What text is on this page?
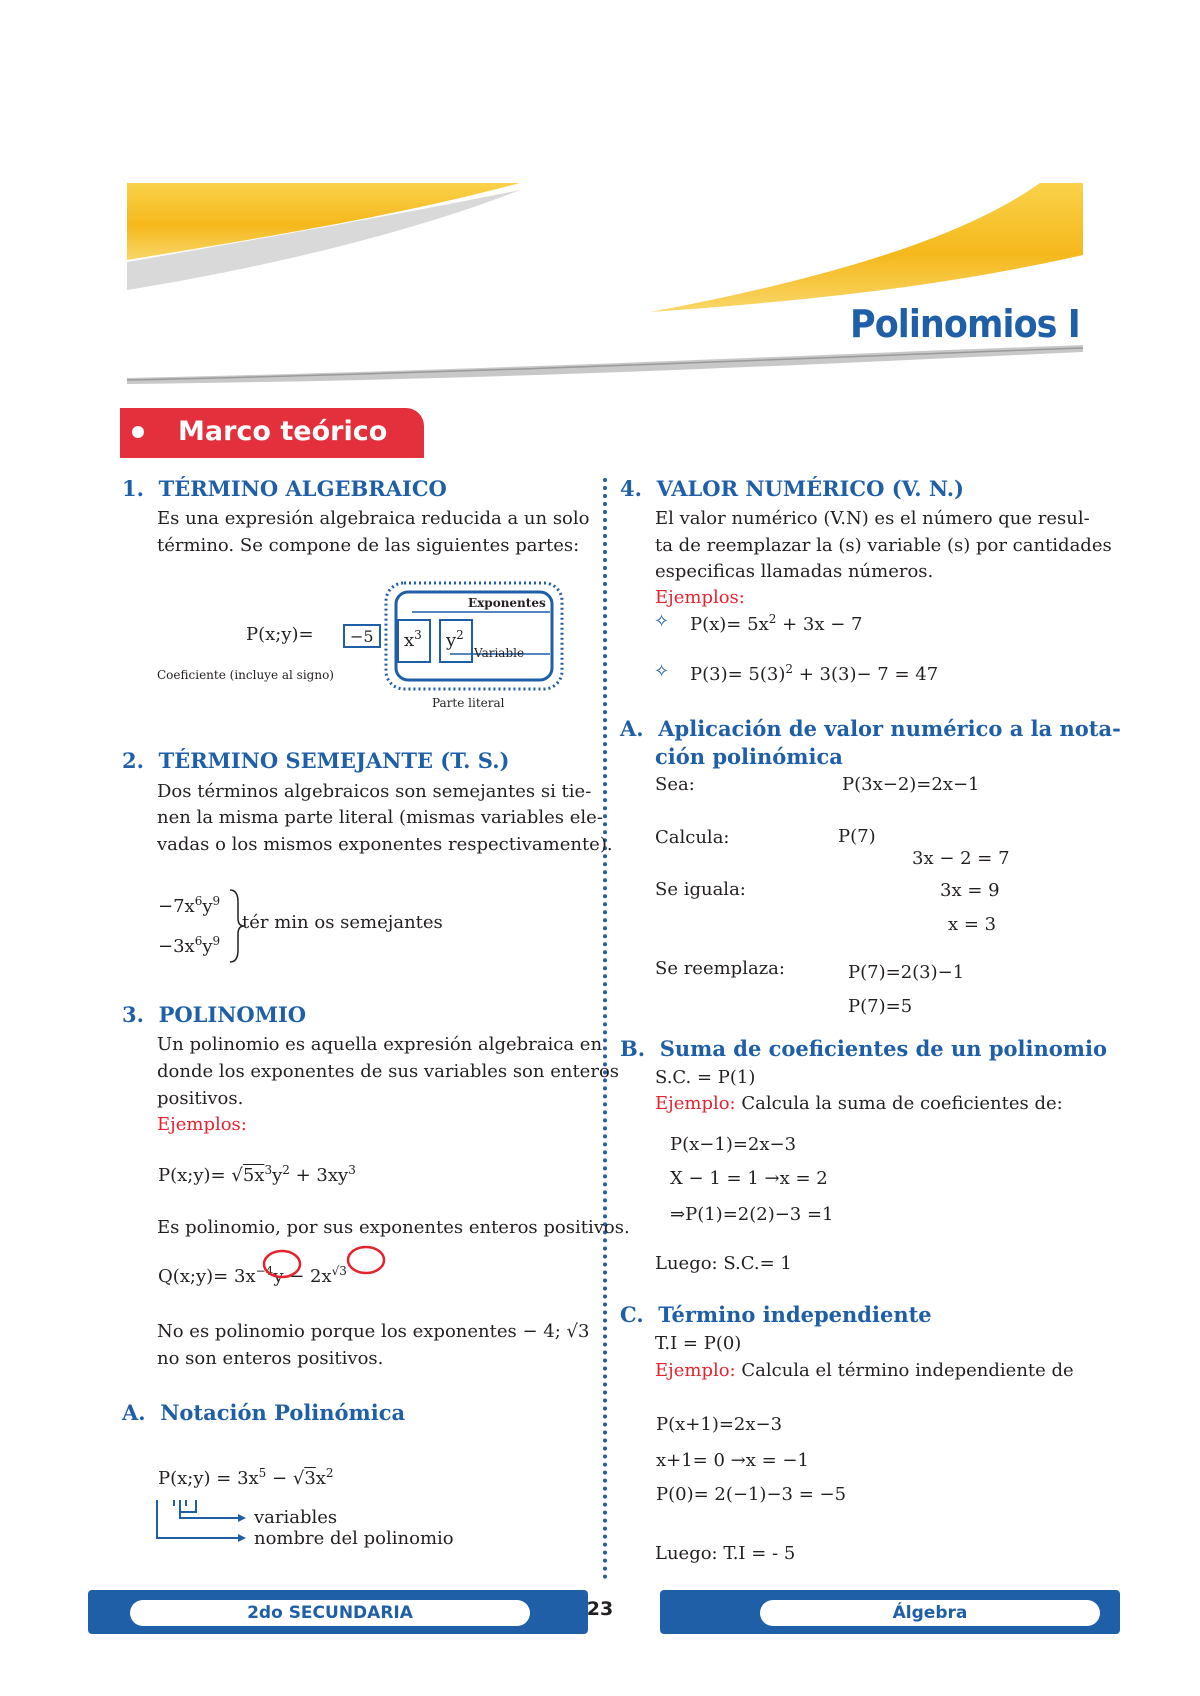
Polinomios I
Marco teórico
1. TÉRMINO ALGEBRAICO
Es una expresión algebraica reducida a un solo
término. Se compone de las siguientes partes:
P(x;y)= −5 $x^3$ $y^2$
Exponentes
Variable
Coeficiente (incluye al signo)
Parte literal
2. TÉRMINO SEMEJANTE (T. S.)
Dos términos algebraicos son semejantes si tie-
nen la misma parte literal (mismas variables ele-
vadas o los mismos exponentes respectivamente).
$-7x^6y^9$
$-3x^6y^9$
tér min os semejantes
3. POLINOMIO
Un polinomio es aquella expresión algebraica en
donde los exponentes de sus variables son enteros
positivos.
Ejemplos:
P(x;y)= $√5x^3y^2 + 3xy^3$
Es polinomio, por sus exponentes enteros positivos.
Q(x;y)= $3x^{-4}y - 2x^{√3}$
No es polinomio porque los exponentes − 4; √3
no son enteros positivos.
A. Notación Polinómica
P(x;y) = $3x^5 - √3x^2$
variables
nombre del polinomio
4. VALOR NUMÉRICO (V. N.)
El valor numérico (V.N) es el número que resul-
ta de reemplazar la (s) variable (s) por cantidades
especificas llamadas números.
Ejemplos:
✧ $P(x)= 5x^2 + 3x - 7$
✧ $P(3)= 5(3)^2 + 3(3)- 7 = 47$
A. Aplicación de valor numérico a la nota-
ción polinómica
Sea:	P(3x−2)=2x−1
Calcula:	P(7)
3x − 2 = 7
Se iguala:	3x = 9
x = 3
Se reemplaza:	P(7)=2(3)−1
P(7)=5
B. Suma de coeficientes de un polinomio
S.C. = P(1)
Ejemplo: Calcula la suma de coeficientes de:
P(x−1)=2x−3
X − 1 = 1 →x = 2
⇒P(1)=2(2)−3 =1
Luego: S.C.= 1
C. Término independiente
T.I = P(0)
Ejemplo: Calcula el término independiente de
P(x+1)=2x−3
x+1= 0 →x = −1
P(0)= 2(−1)−3 = −5
Luego: T.I = - 5
2do SECUNDARIA	23	Álgebra
